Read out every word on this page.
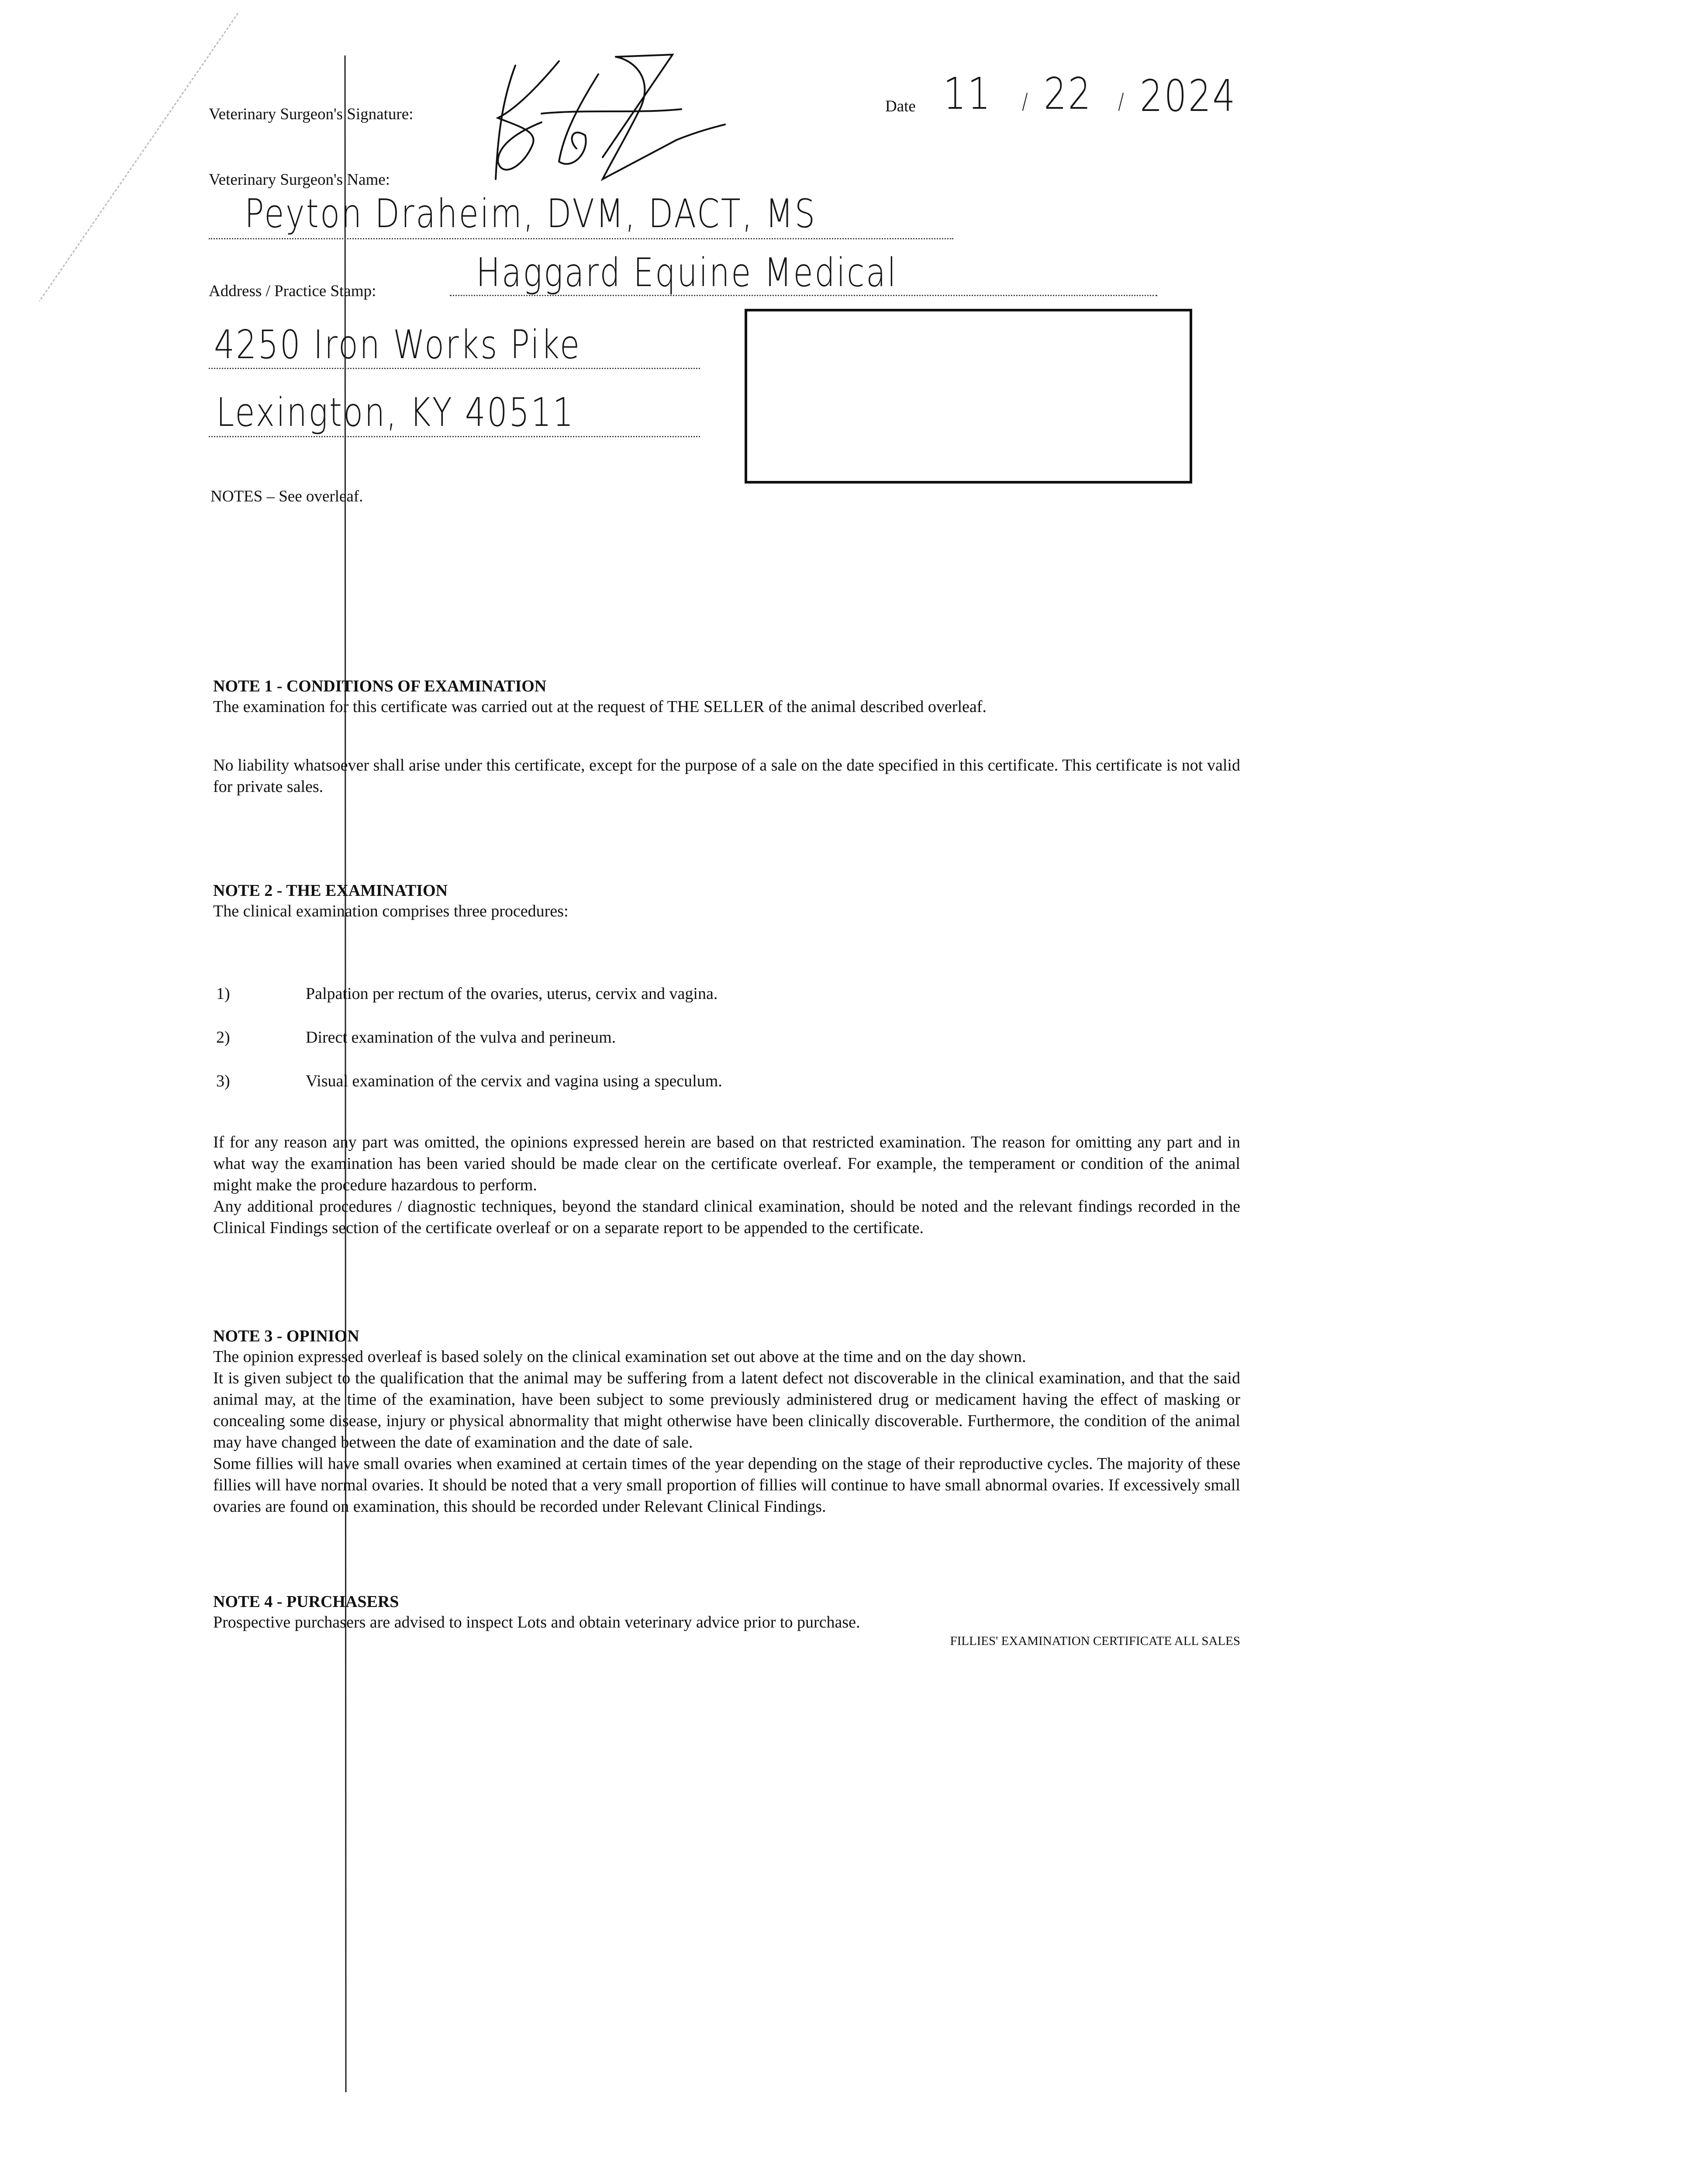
Veterinary Surgeon's Signature:	Date 11 / 22 / 2024
Veterinary Surgeon's Name:
Peyton Draheim, DVM, DACT, MS
Address / Practice Stamp:	Haggard Equine Medical
4250 Iron Works Pike
Lexington, KY 40511
NOTES – See overleaf.
NOTE 1 - CONDITIONS OF EXAMINATION
The examination for this certificate was carried out at the request of THE SELLER of the animal described overleaf.
No liability whatsoever shall arise under this certificate, except for the purpose of a sale on the date specified in this certificate. This certificate is not valid for private sales.
NOTE 2 - THE EXAMINATION
The clinical examination comprises three procedures:
1)	Palpation per rectum of the ovaries, uterus, cervix and vagina.
2)	Direct examination of the vulva and perineum.
3)	Visual examination of the cervix and vagina using a speculum.
If for any reason any part was omitted, the opinions expressed herein are based on that restricted examination. The reason for omitting any part and in what way the examination has been varied should be made clear on the certificate overleaf. For example, the temperament or condition of the animal might make the procedure hazardous to perform.
Any additional procedures / diagnostic techniques, beyond the standard clinical examination, should be noted and the relevant findings recorded in the Clinical Findings section of the certificate overleaf or on a separate report to be appended to the certificate.
NOTE 3 - OPINION
The opinion expressed overleaf is based solely on the clinical examination set out above at the time and on the day shown.
It is given subject to the qualification that the animal may be suffering from a latent defect not discoverable in the clinical examination, and that the said animal may, at the time of the examination, have been subject to some previously administered drug or medicament having the effect of masking or concealing some disease, injury or physical abnormality that might otherwise have been clinically discoverable. Furthermore, the condition of the animal may have changed between the date of examination and the date of sale.
Some fillies will have small ovaries when examined at certain times of the year depending on the stage of their reproductive cycles. The majority of these fillies will have normal ovaries. It should be noted that a very small proportion of fillies will continue to have small abnormal ovaries. If excessively small ovaries are found on examination, this should be recorded under Relevant Clinical Findings.
NOTE 4 - PURCHASERS
Prospective purchasers are advised to inspect Lots and obtain veterinary advice prior to purchase.
FILLIES' EXAMINATION CERTIFICATE ALL SALES
